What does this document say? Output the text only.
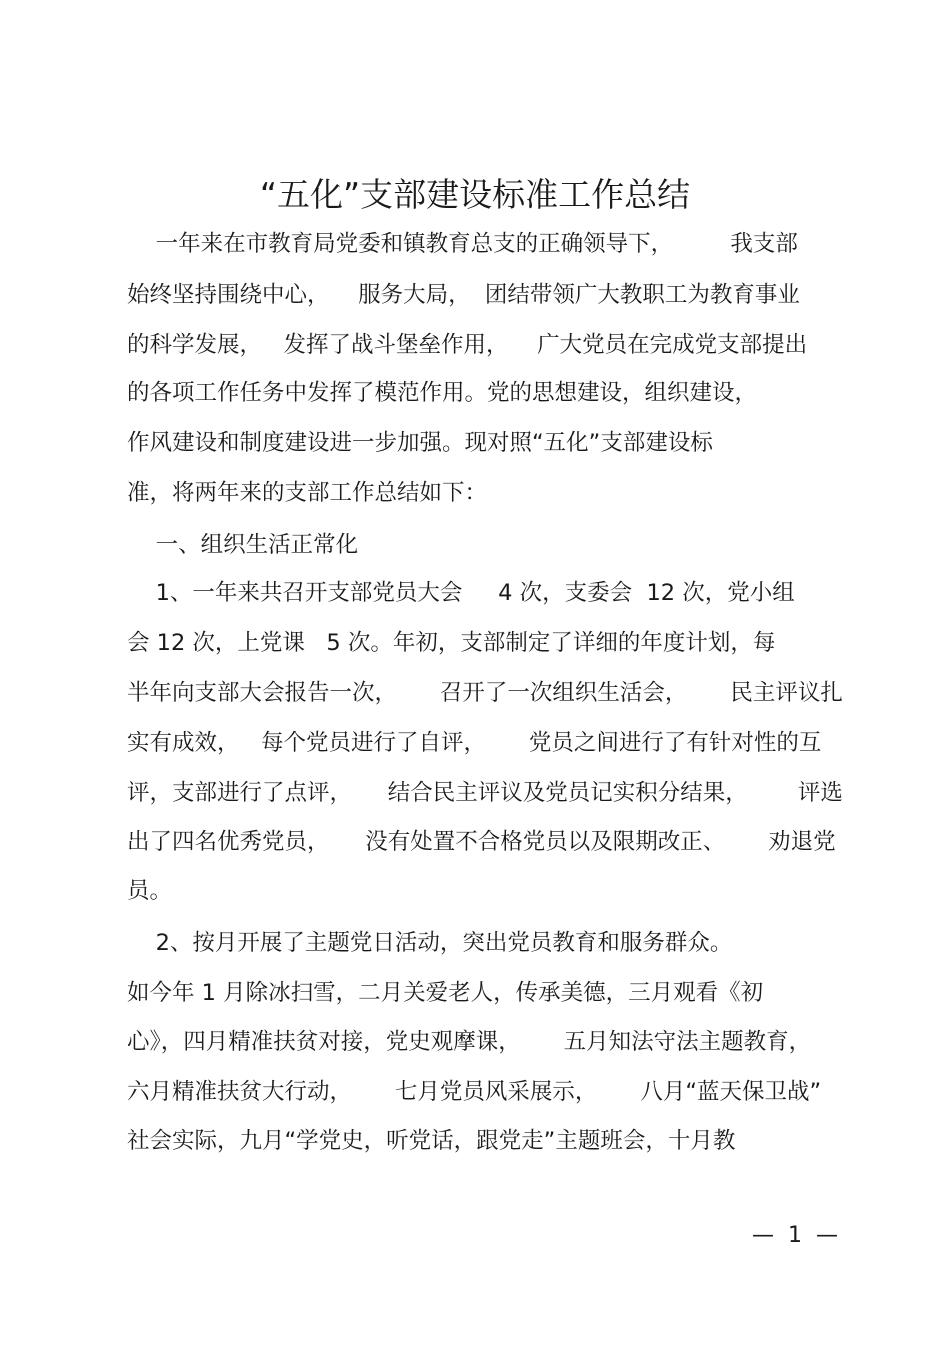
“五化”支部建设标准工作总结
一年来在市教育局党委和镇教育总支的正确领导下，        我支部
始终坚持围绕中心，    服务大局，  团结带领广大教职工为教育事业
的科学发展，   发挥了战斗堡垒作用，    广大党员在完成党支部提出
的各项工作任务中发挥了模范作用。党的思想建设，组织建设，
作风建设和制度建设进一步加强。现对照“五化”支部建设标
准，将两年来的支部工作总结如下：
一、组织生活正常化
1、一年来共召开支部党员大会     4 次，支委会  12 次，党小组
会 12 次，上党课   5 次。年初，支部制定了详细的年度计划，每
半年向支部大会报告一次，      召开了一次组织生活会，      民主评议扎
实有成效，   每个党员进行了自评，      党员之间进行了有针对性的互
评，支部进行了点评，     结合民主评议及党员记实积分结果，       评选
出了四名优秀党员，     没有处置不合格党员以及限期改正、      劝退党
员。
2、按月开展了主题党日活动，突出党员教育和服务群众。
如今年 1 月除冰扫雪，二月关爱老人，传承美德，三月观看《初
心》，四月精准扶贫对接，党史观摩课，      五月知法守法主题教育，
六月精准扶贫大行动，      七月党员风采展示，      八月“蓝天保卫战”
社会实际，九月“学党史，听党话，跟党走”主题班会，十月教
—  1  —
